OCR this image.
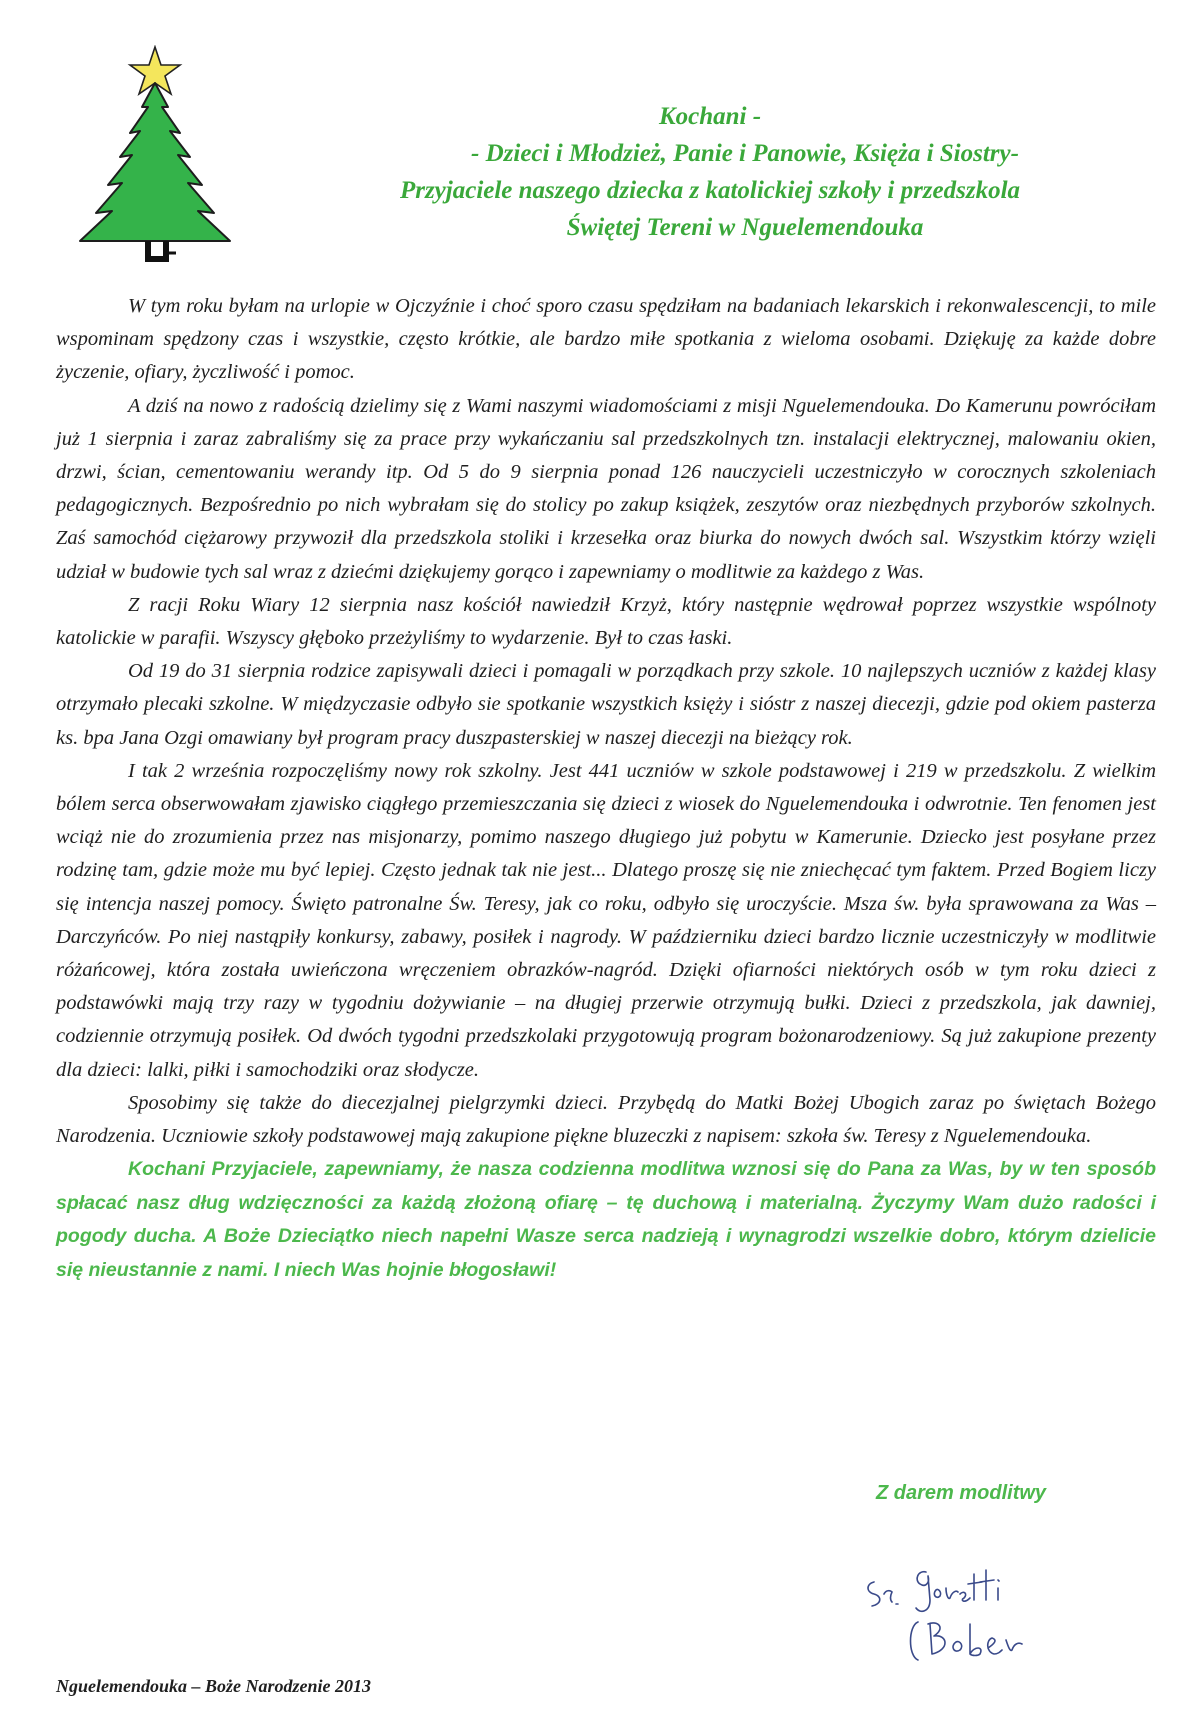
Kochani -
- Dzieci i Młodzież, Panie i Panowie, Księża i Siostry-
Przyjaciele naszego dziecka z katolickiej szkoły i przedszkola
Świętej Tereni w Nguelemendouka

W tym roku byłam na urlopie w Ojczyźnie i choć sporo czasu spędziłam na badaniach lekarskich i rekonwalescencji, to mile wspominam spędzony czas i wszystkie, często krótkie, ale bardzo miłe spotkania z wieloma osobami. Dziękuję za każde dobre życzenie, ofiary, życzliwość i pomoc.

A dziś na nowo z radością dzielimy się z Wami naszymi wiadomościami z misji Nguelemendouka. Do Kamerunu powróciłam już 1 sierpnia i zaraz zabraliśmy się za prace przy wykańczaniu sal przedszkolnych tzn. instalacji elektrycznej, malowaniu okien, drzwi, ścian, cementowaniu werandy itp. Od 5 do 9 sierpnia ponad 126 nauczycieli uczestniczyło w corocznych szkoleniach pedagogicznych. Bezpośrednio po nich wybrałam się do stolicy po zakup książek, zeszytów oraz niezbędnych przyborów szkolnych. Zaś samochód ciężarowy przywoził dla przedszkola stoliki i krzesełka oraz biurka do nowych dwóch sal. Wszystkim którzy wzięli udział w budowie tych sal wraz z dziećmi dziękujemy gorąco i zapewniamy o modlitwie za każdego z Was.

Z racji Roku Wiary 12 sierpnia nasz kościół nawiedził Krzyż, który następnie wędrował poprzez wszystkie wspólnoty katolickie w parafii. Wszyscy głęboko przeżyliśmy to wydarzenie. Był to czas łaski.

Od 19 do 31 sierpnia rodzice zapisywali dzieci i pomagali w porządkach przy szkole. 10 najlepszych uczniów z każdej klasy otrzymało plecaki szkolne. W międzyczasie odbyło sie spotkanie wszystkich księży i sióstr z naszej diecezji, gdzie pod okiem pasterza ks. bpa Jana Ozgi omawiany był program pracy duszpasterskiej w naszej diecezji na bieżący rok.

I tak 2 września rozpoczęliśmy nowy rok szkolny. Jest 441 uczniów w szkole podstawowej i 219 w przedszkolu. Z wielkim bólem serca obserwowałam zjawisko ciągłego przemieszczania się dzieci z wiosek do Nguelemendouka i odwrotnie. Ten fenomen jest wciąż nie do zrozumienia przez nas misjonarzy, pomimo naszego długiego już pobytu w Kamerunie. Dziecko jest posyłane przez rodzinę tam, gdzie może mu być lepiej. Często jednak tak nie jest... Dlatego proszę się nie zniechęcać tym faktem. Przed Bogiem liczy się intencja naszej pomocy. Święto patronalne Św. Teresy, jak co roku, odbyło się uroczyście. Msza św. była sprawowana za Was – Darczyńców. Po niej nastąpiły konkursy, zabawy, posiłek i nagrody. W październiku dzieci bardzo licznie uczestniczyły w modlitwie różańcowej, która została uwieńczona wręczeniem obrazków-nagród. Dzięki ofiarności niektórych osób w tym roku dzieci z podstawówki mają trzy razy w tygodniu dożywianie – na długiej przerwie otrzymują bułki. Dzieci z przedszkola, jak dawniej, codziennie otrzymują posiłek. Od dwóch tygodni przedszkolaki przygotowują program bożonarodzeniowy. Są już zakupione prezenty dla dzieci: lalki, piłki i samochodziki oraz słodycze.

Sposobimy się także do diecezjalnej pielgrzymki dzieci. Przybędą do Matki Bożej Ubogich zaraz po świętach Bożego Narodzenia. Uczniowie szkoły podstawowej mają zakupione piękne bluzeczki z napisem: szkoła św. Teresy z Nguelemendouka.

Kochani Przyjaciele, zapewniamy, że nasza codzienna modlitwa wznosi się do Pana za Was, by w ten sposób spłacać nasz dług wdzięczności za każdą złożoną ofiarę – tę duchową i materialną. Życzymy Wam dużo radości i pogody ducha. A Boże Dzieciątko niech napełni Wasze serca nadzieją i wynagrodzi wszelkie dobro, którym dzielicie się nieustannie z nami. I niech Was hojnie błogosławi!

Z darem modlitwy
Nguelemendouka – Boże Narodzenie 2013
